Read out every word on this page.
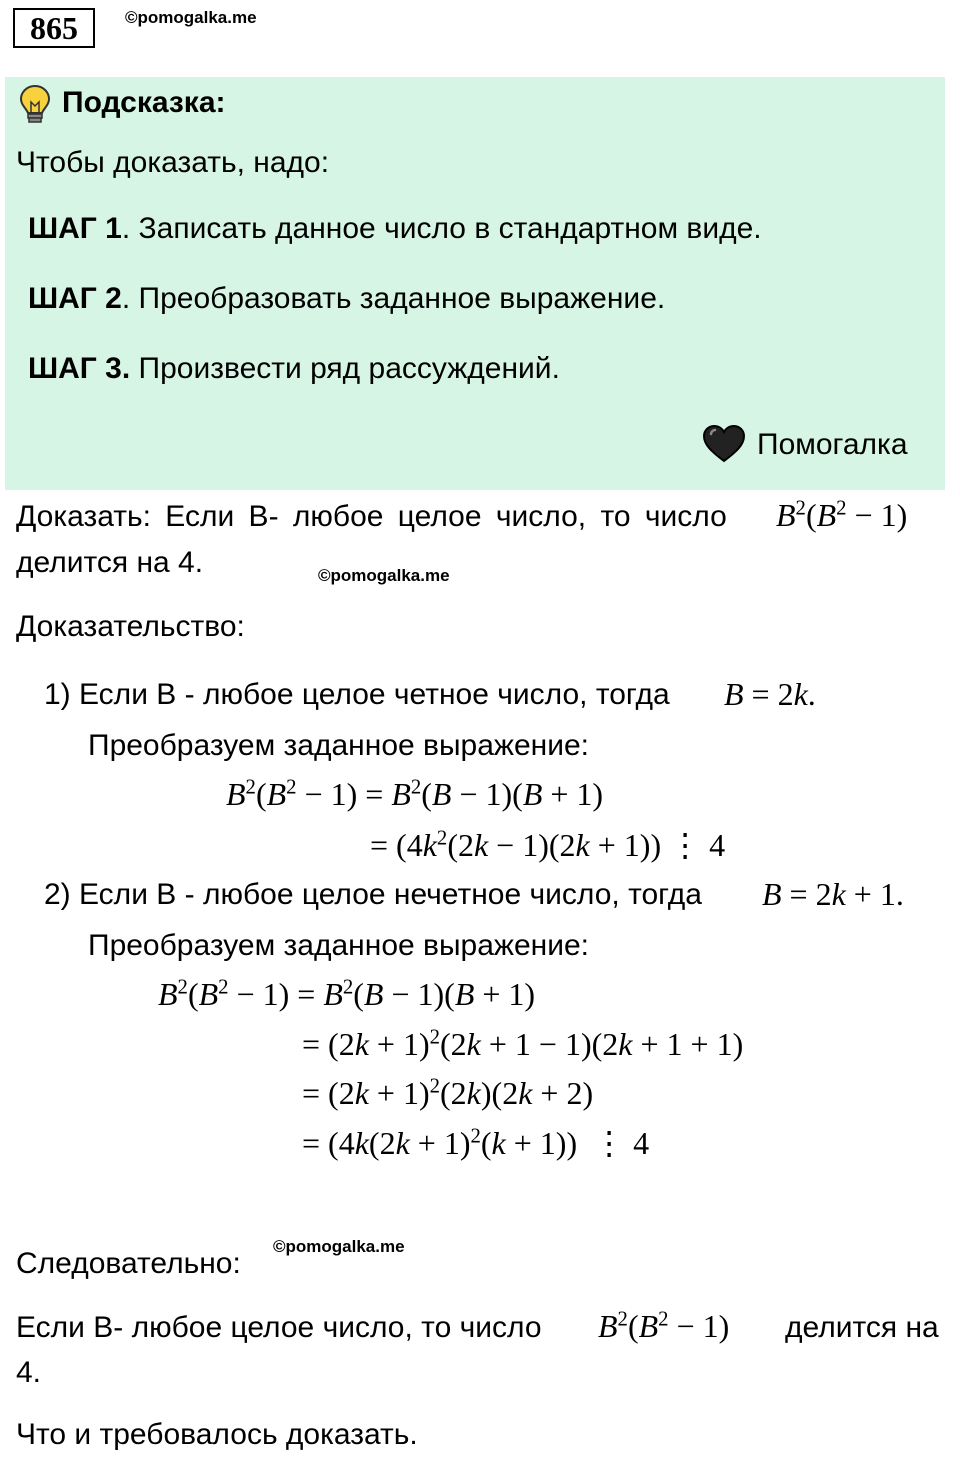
865	©pomogalka.me
Подсказка:
Чтобы доказать, надо:
ШАГ 1. Записать данное число в стандартном виде.
ШАГ 2. Преобразовать заданное выражение.
ШАГ 3. Произвести ряд рассуждений.
Помогалка
Доказать: Если B- любое целое число, то число $B^2(B^2 - 1)$
делится на 4.	©pomogalka.me
Доказательство:
1) Если B - любое целое четное число, тогда B = 2k.
Преобразуем заданное выражение:
$B^2(B^2 - 1) = B^2(B - 1)(B + 1)$
= $(4k^2(2k - 1)(2k + 1))$ ⋮ 4
2) Если B - любое целое нечетное число, тогда B = 2k + 1.
Преобразуем заданное выражение:
$B^2(B^2 - 1) = B^2(B - 1)(B + 1)$
= $(2k + 1)^2(2k + 1 - 1)(2k + 1 + 1)$
= $(2k + 1)^2(2k)(2k + 2)$
= $(4k(2k + 1)^2(k + 1))$  ⋮ 4
©pomogalka.me
Следовательно:
Если B- любое целое число, то число $B^2(B^2 - 1)$ делится на
4.
Что и требовалось доказать.
